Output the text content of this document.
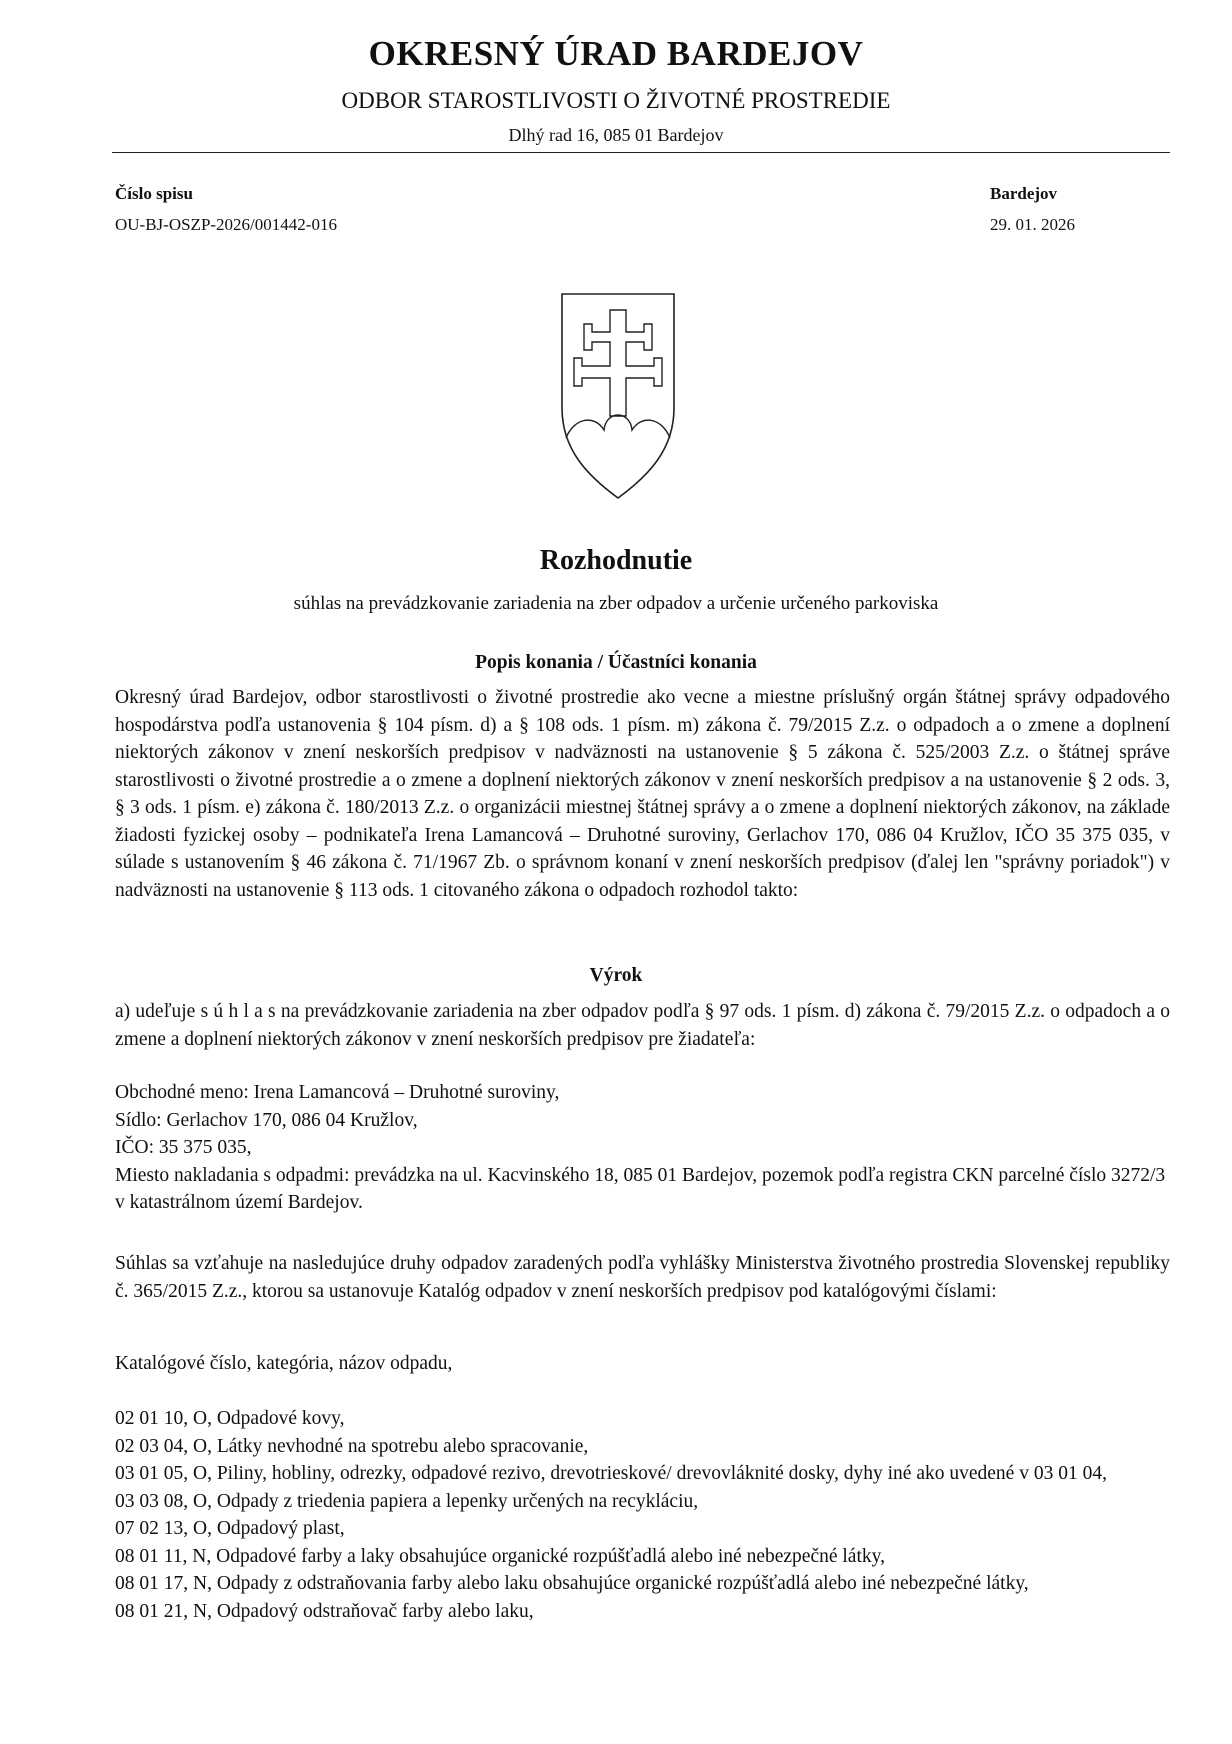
OKRESNÝ ÚRAD BARDEJOV
ODBOR STAROSTLIVOSTI O ŽIVOTNÉ PROSTREDIE
Dlhý rad 16, 085 01 Bardejov
Číslo spisu
OU-BJ-OSZP-2026/001442-016
Bardejov
29. 01. 2026
Rozhodnutie
súhlas na prevádzkovanie zariadenia na zber odpadov a určenie určeného parkoviska
Popis konania / Účastníci konania
Okresný úrad Bardejov, odbor starostlivosti o životné prostredie ako vecne a miestne príslušný orgán štátnej správy odpadového hospodárstva podľa ustanovenia § 104 písm. d) a § 108 ods. 1 písm. m) zákona č. 79/2015 Z.z. o odpadoch a o zmene a doplnení niektorých zákonov v znení neskorších predpisov v nadväznosti na ustanovenie § 5 zákona č. 525/2003 Z.z. o štátnej správe starostlivosti o životné prostredie a o zmene a doplnení niektorých zákonov v znení neskorších predpisov a na ustanovenie § 2 ods. 3, § 3 ods. 1 písm. e) zákona č. 180/2013 Z.z. o organizácii miestnej štátnej správy a o zmene a doplnení niektorých zákonov, na základe žiadosti fyzickej osoby – podnikateľa Irena Lamancová – Druhotné suroviny, Gerlachov 170, 086 04 Kružlov, IČO 35 375 035, v súlade s ustanovením § 46 zákona č. 71/1967 Zb. o správnom konaní v znení neskorších predpisov (ďalej len "správny poriadok") v nadväznosti na ustanovenie § 113 ods. 1 citovaného zákona o odpadoch rozhodol takto:
Výrok
a) udeľuje s ú h l a s na prevádzkovanie zariadenia na zber odpadov podľa § 97 ods. 1 písm. d) zákona č. 79/2015 Z.z. o odpadoch a o zmene a doplnení niektorých zákonov v znení neskorších predpisov pre žiadateľa:
Obchodné meno: Irena Lamancová – Druhotné suroviny,
Sídlo: Gerlachov 170, 086 04 Kružlov,
IČO: 35 375 035,
Miesto nakladania s odpadmi: prevádzka na ul. Kacvinského 18, 085 01 Bardejov, pozemok podľa registra CKN parcelné číslo 3272/3 v katastrálnom území Bardejov.
Súhlas sa vzťahuje na nasledujúce druhy odpadov zaradených podľa vyhlášky Ministerstva životného prostredia Slovenskej republiky č. 365/2015 Z.z., ktorou sa ustanovuje Katalóg odpadov v znení neskorších predpisov pod katalógovými číslami:
Katalógové číslo, kategória, názov odpadu,
02 01 10, O, Odpadové kovy,
02 03 04, O, Látky nevhodné na spotrebu alebo spracovanie,
03 01 05, O, Piliny, hobliny, odrezky, odpadové rezivo, drevotrieskové/ drevovláknité dosky, dyhy iné ako uvedené v 03 01 04,
03 03 08, O, Odpady z triedenia papiera a lepenky určených na recykláciu,
07 02 13, O, Odpadový plast,
08 01 11, N, Odpadové farby a laky obsahujúce organické rozpúšťadlá alebo iné nebezpečné látky,
08 01 17, N, Odpady z odstraňovania farby alebo laku obsahujúce organické rozpúšťadlá alebo iné nebezpečné látky,
08 01 21, N, Odpadový odstraňovač farby alebo laku,
